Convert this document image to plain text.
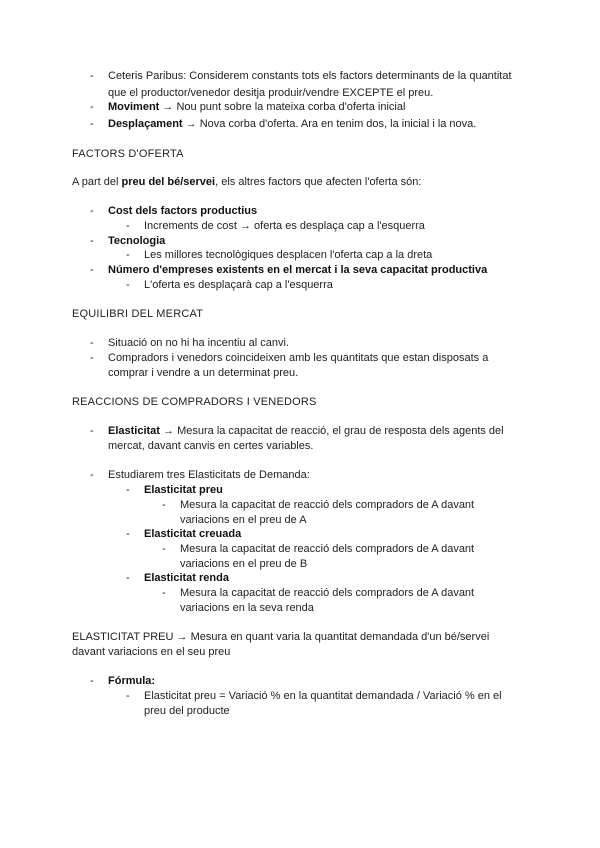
- Ceteris Paribus: Considerem constants tots els factors determinants de la quantitat
que el productor/venedor desitja produir/vendre EXCEPTE el preu.
- Moviment → Nou punt sobre la mateixa corba d'oferta inicial
- Desplaçament → Nova corba d'oferta. Ara en tenim dos, la inicial i la nova.
FACTORS D'OFERTA
A part del preu del bé/servei, els altres factors que afecten l'oferta són:
- Cost dels factors productius
- Increments de cost → oferta es desplaça cap a l'esquerra
- Tecnologia
- Les millores tecnològiques desplacen l'oferta cap a la dreta
- Número d'empreses existents en el mercat i la seva capacitat productiva
- L'oferta es desplaçarà cap a l'esquerra
EQUILIBRI DEL MERCAT
- Situació on no hi ha incentiu al canvi.
- Compradors i venedors coincideixen amb les quantitats que estan disposats a
comprar i vendre a un determinat preu.
REACCIONS DE COMPRADORS I VENEDORS
- Elasticitat → Mesura la capacitat de reacció, el grau de resposta dels agents del
mercat, davant canvis en certes variables.
- Estudiarem tres Elasticitats de Demanda:
- Elasticitat preu
- Mesura la capacitat de reacció dels compradors de A davant
variacions en el preu de A
- Elasticitat creuada
- Mesura la capacitat de reacció dels compradors de A davant
variacions en el preu de B
- Elasticitat renda
- Mesura la capacitat de reacció dels compradors de A davant
variacions en la seva renda
ELASTICITAT PREU → Mesura en quant varia la quantitat demandada d'un bé/servei
davant variacions en el seu preu
- Fórmula:
- Elasticitat preu = Variació % en la quantitat demandada / Variació % en el
preu del producte
